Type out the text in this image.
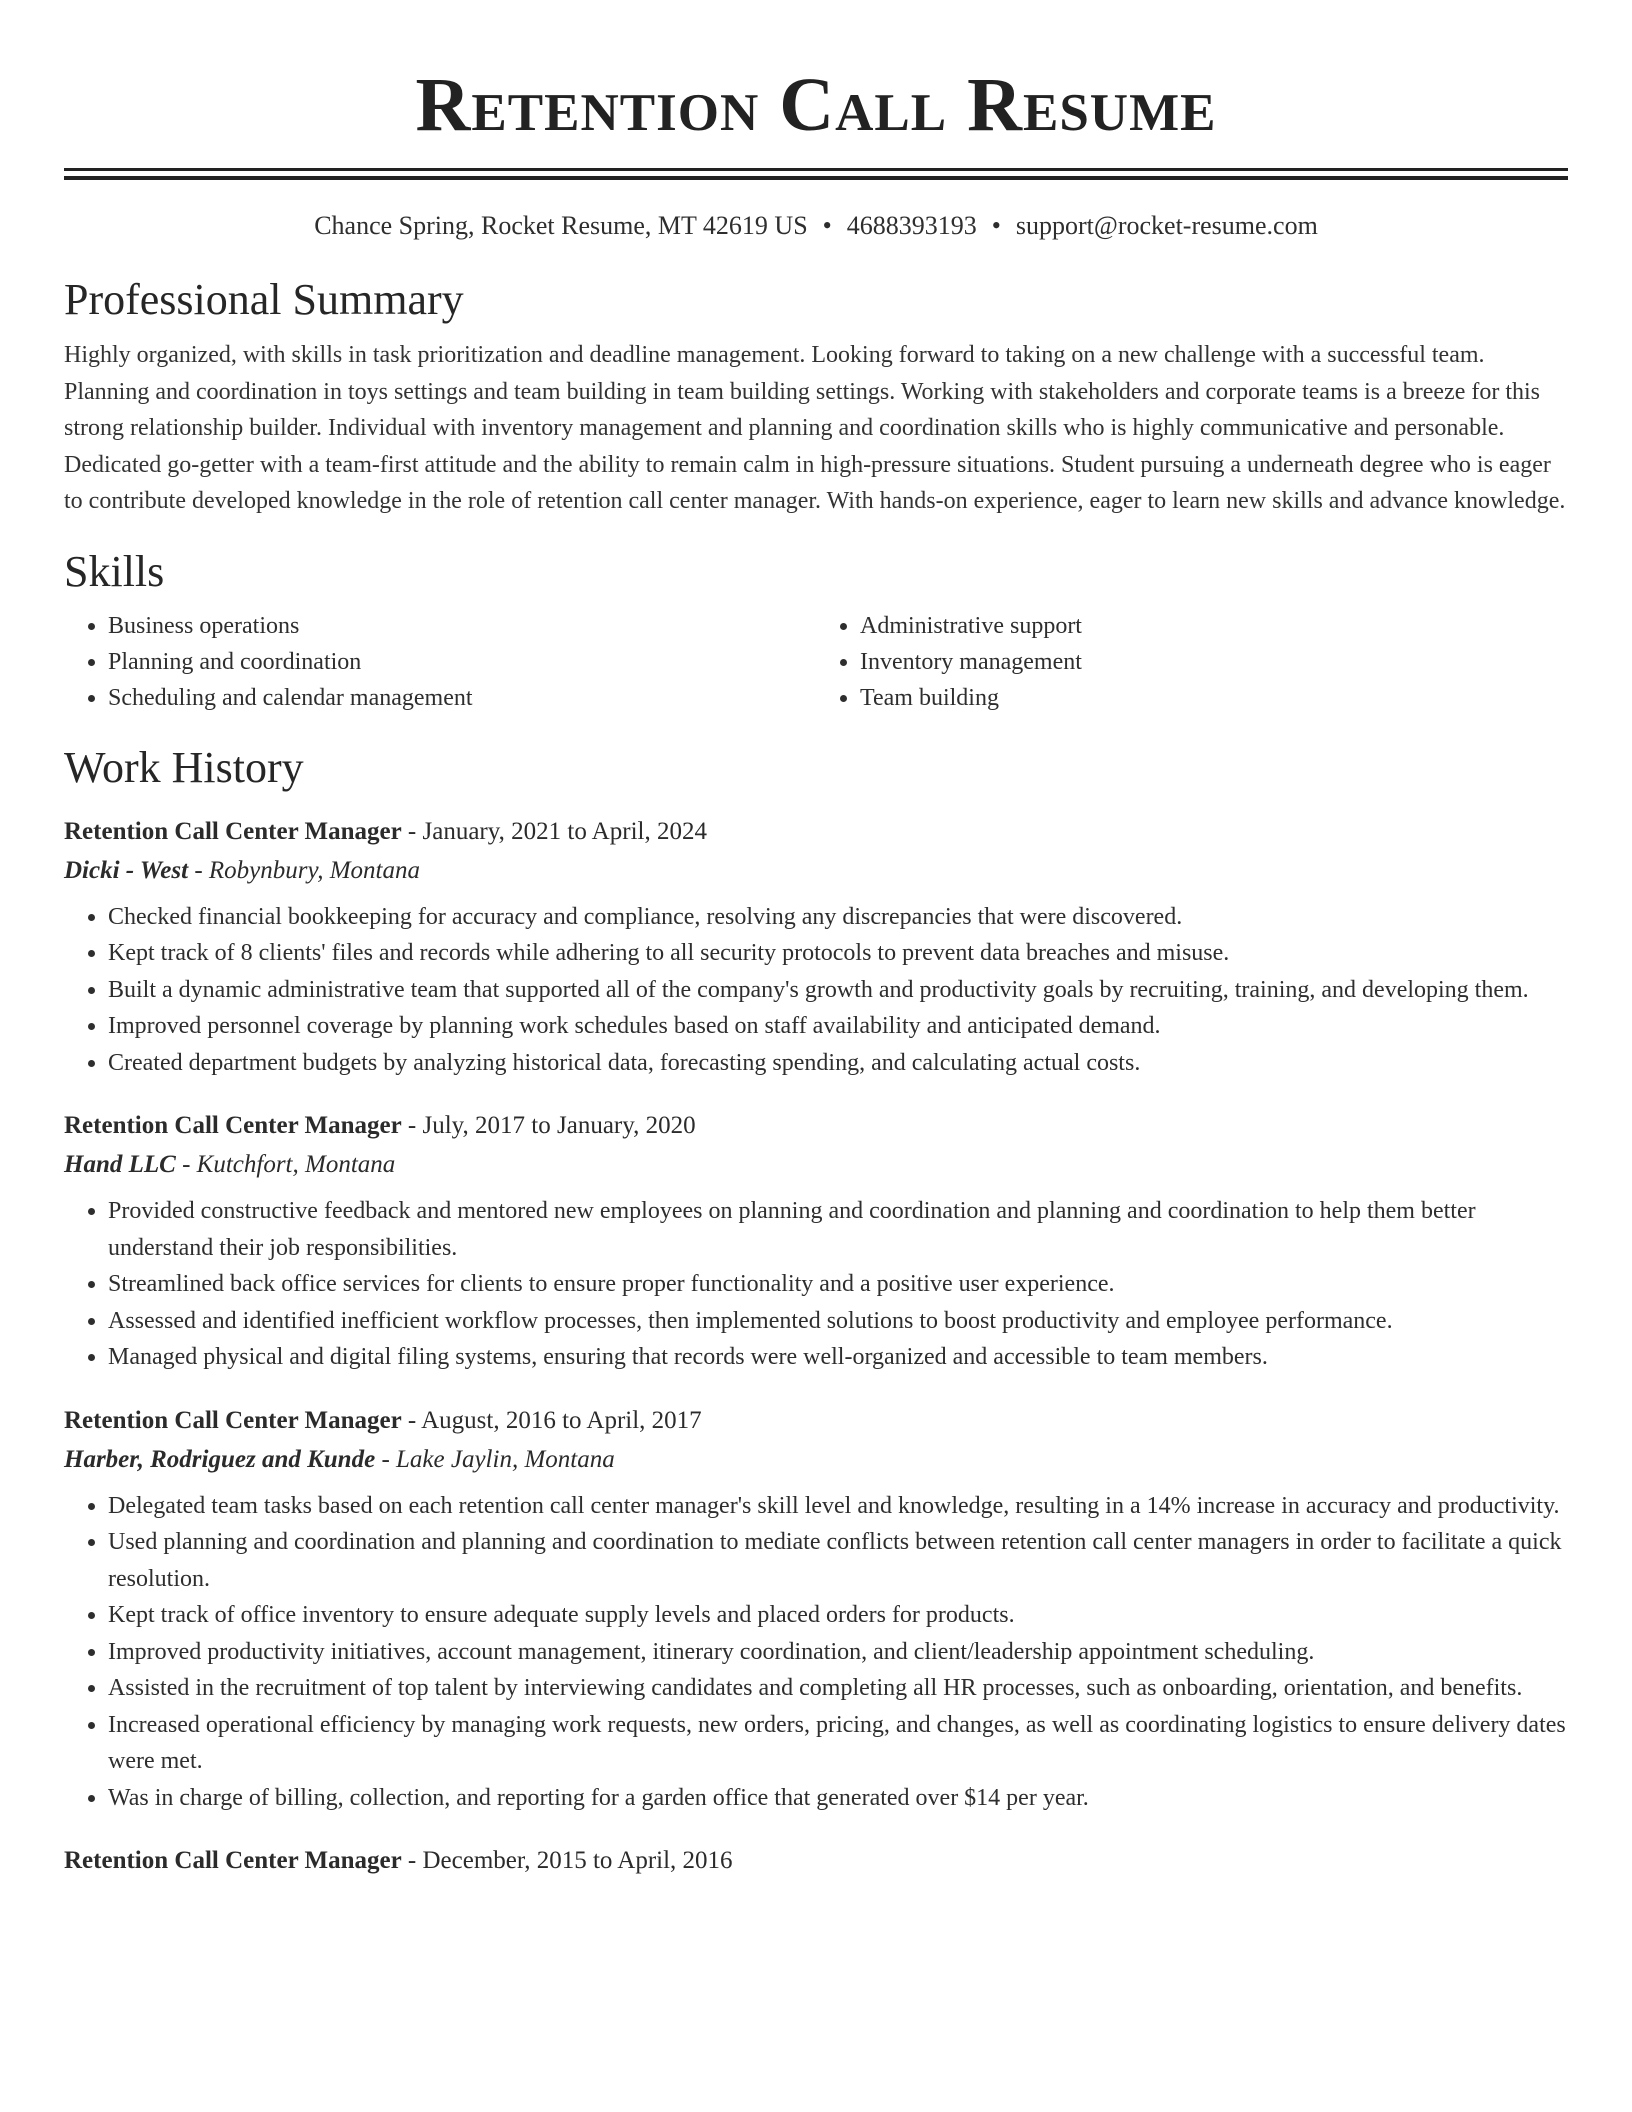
Retention Call Resume
Chance Spring, Rocket Resume, MT 42619 US • 4688393193 • support@rocket-resume.com
Professional Summary
Highly organized, with skills in task prioritization and deadline management. Looking forward to taking on a new challenge with a successful team. Planning and coordination in toys settings and team building in team building settings. Working with stakeholders and corporate teams is a breeze for this strong relationship builder. Individual with inventory management and planning and coordination skills who is highly communicative and personable. Dedicated go-getter with a team-first attitude and the ability to remain calm in high-pressure situations. Student pursuing a underneath degree who is eager to contribute developed knowledge in the role of retention call center manager. With hands-on experience, eager to learn new skills and advance knowledge.
Skills
• Business operations
• Planning and coordination
• Scheduling and calendar management
• Administrative support
• Inventory management
• Team building
Work History
Retention Call Center Manager - January, 2021 to April, 2024
Dicki - West - Robynbury, Montana
• Checked financial bookkeeping for accuracy and compliance, resolving any discrepancies that were discovered.
• Kept track of 8 clients' files and records while adhering to all security protocols to prevent data breaches and misuse.
• Built a dynamic administrative team that supported all of the company's growth and productivity goals by recruiting, training, and developing them.
• Improved personnel coverage by planning work schedules based on staff availability and anticipated demand.
• Created department budgets by analyzing historical data, forecasting spending, and calculating actual costs.
Retention Call Center Manager - July, 2017 to January, 2020
Hand LLC - Kutchfort, Montana
• Provided constructive feedback and mentored new employees on planning and coordination and planning and coordination to help them better understand their job responsibilities.
• Streamlined back office services for clients to ensure proper functionality and a positive user experience.
• Assessed and identified inefficient workflow processes, then implemented solutions to boost productivity and employee performance.
• Managed physical and digital filing systems, ensuring that records were well-organized and accessible to team members.
Retention Call Center Manager - August, 2016 to April, 2017
Harber, Rodriguez and Kunde - Lake Jaylin, Montana
• Delegated team tasks based on each retention call center manager's skill level and knowledge, resulting in a 14% increase in accuracy and productivity.
• Used planning and coordination and planning and coordination to mediate conflicts between retention call center managers in order to facilitate a quick resolution.
• Kept track of office inventory to ensure adequate supply levels and placed orders for products.
• Improved productivity initiatives, account management, itinerary coordination, and client/leadership appointment scheduling.
• Assisted in the recruitment of top talent by interviewing candidates and completing all HR processes, such as onboarding, orientation, and benefits.
• Increased operational efficiency by managing work requests, new orders, pricing, and changes, as well as coordinating logistics to ensure delivery dates were met.
• Was in charge of billing, collection, and reporting for a garden office that generated over $14 per year.
Retention Call Center Manager - December, 2015 to April, 2016
